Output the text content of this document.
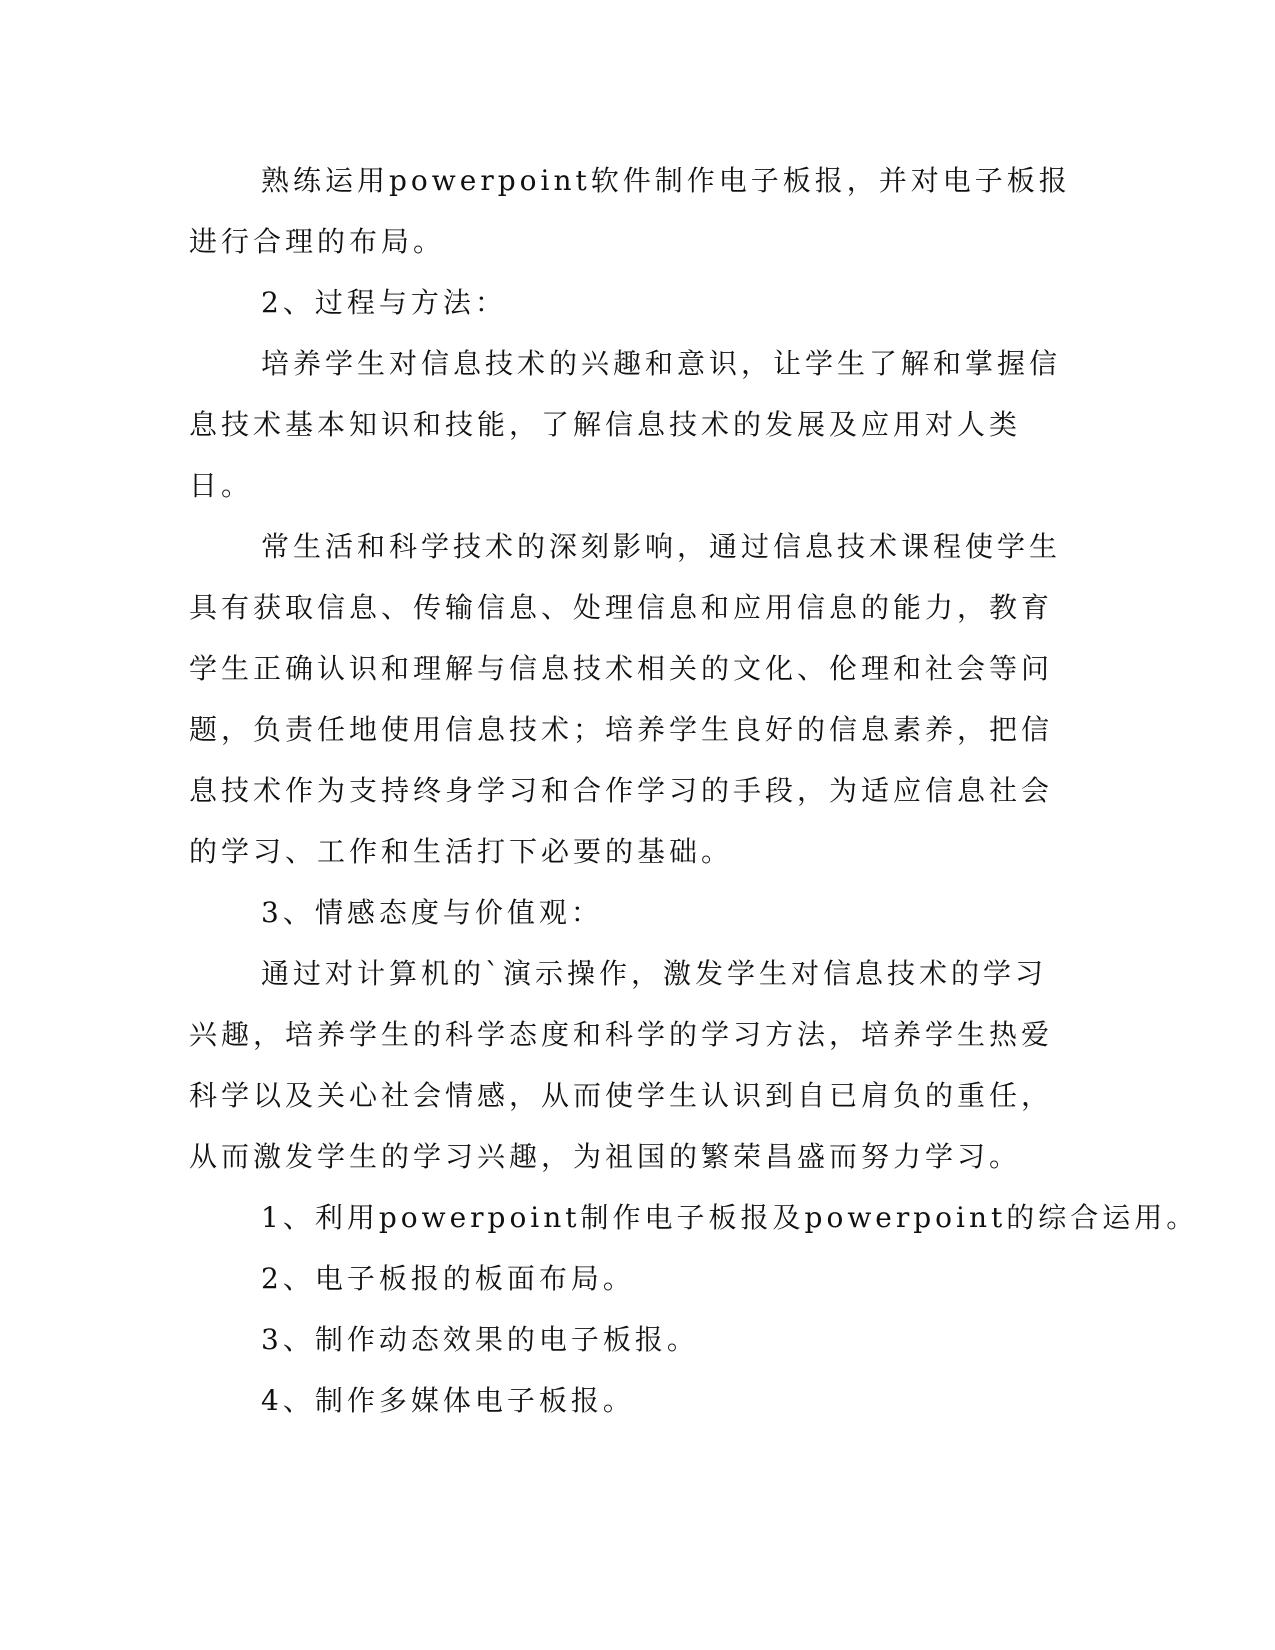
熟练运用powerpoint软件制作电子板报，并对电子板报进行合理的布局。

2、过程与方法：

培养学生对信息技术的兴趣和意识，让学生了解和掌握信息技术基本知识和技能，了解信息技术的发展及应用对人类日。

常生活和科学技术的深刻影响，通过信息技术课程使学生具有获取信息、传输信息、处理信息和应用信息的能力，教育学生正确认识和理解与信息技术相关的文化、伦理和社会等问题，负责任地使用信息技术；培养学生良好的信息素养，把信息技术作为支持终身学习和合作学习的手段，为适应信息社会的学习、工作和生活打下必要的基础。

3、情感态度与价值观：

通过对计算机的`演示操作，激发学生对信息技术的学习兴趣，培养学生的科学态度和科学的学习方法，培养学生热爱科学以及关心社会情感，从而使学生认识到自已肩负的重任，从而激发学生的学习兴趣，为祖国的繁荣昌盛而努力学习。

1、利用powerpoint制作电子板报及powerpoint的综合运用。

2、电子板报的板面布局。

3、制作动态效果的电子板报。

4、制作多媒体电子板报。
